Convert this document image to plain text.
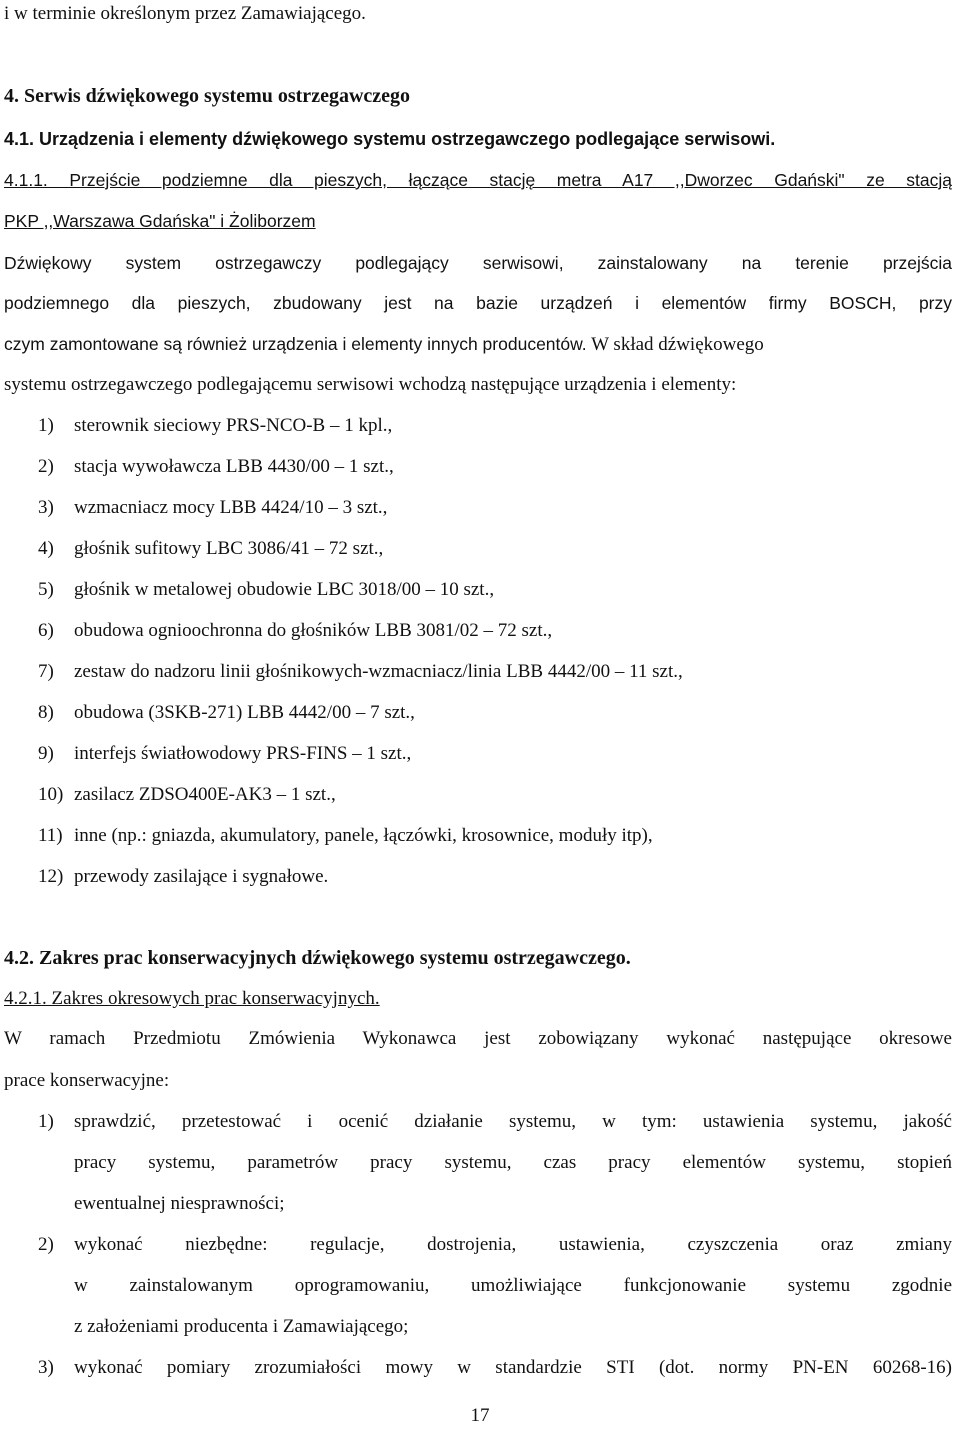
i w terminie określonym przez Zamawiającego.
4. Serwis dźwiękowego systemu ostrzegawczego
4.1. Urządzenia i elementy dźwiękowego systemu ostrzegawczego podlegające serwisowi.
4.1.1. Przejście podziemne dla pieszych, łączące stację metra A17 ,,Dworzec Gdański" ze stacją
PKP ,,Warszawa Gdańska" i Żoliborzem
Dźwiękowy system ostrzegawczy podlegający serwisowi, zainstalowany na terenie przejścia
podziemnego dla pieszych, zbudowany jest na bazie urządzeń i elementów firmy BOSCH, przy
czym zamontowane są również urządzenia i elementy innych producentów. W skład dźwiękowego
systemu ostrzegawczego podlegającemu serwisowi wchodzą następujące urządzenia i elementy:
1) sterownik sieciowy PRS-NCO-B – 1 kpl.,
2) stacja wywoławcza LBB 4430/00 – 1 szt.,
3) wzmacniacz mocy LBB 4424/10 – 3 szt.,
4) głośnik sufitowy LBC 3086/41 – 72 szt.,
5) głośnik w metalowej obudowie LBC 3018/00 – 10 szt.,
6) obudowa ognioochronna do głośników LBB 3081/02 – 72 szt.,
7) zestaw do nadzoru linii głośnikowych-wzmacniacz/linia LBB 4442/00 – 11 szt.,
8) obudowa (3SKB-271) LBB 4442/00 – 7 szt.,
9) interfejs światłowodowy PRS-FINS – 1 szt.,
10) zasilacz ZDSO400E-AK3 – 1 szt.,
11) inne (np.: gniazda, akumulatory, panele, łączówki, krosownice, moduły itp),
12) przewody zasilające i sygnałowe.
4.2. Zakres prac konserwacyjnych dźwiękowego systemu ostrzegawczego.
4.2.1. Zakres okresowych prac konserwacyjnych.
W ramach Przedmiotu Zmówienia Wykonawca jest zobowiązany wykonać następujące okresowe
prace konserwacyjne:
1) sprawdzić, przetestować i ocenić działanie systemu, w tym: ustawienia systemu, jakość
pracy systemu, parametrów pracy systemu, czas pracy elementów systemu, stopień
ewentualnej niesprawności;
2) wykonać niezbędne: regulacje, dostrojenia, ustawienia, czyszczenia oraz zmiany
w zainstalowanym oprogramowaniu, umożliwiające funkcjonowanie systemu zgodnie
z założeniami producenta i Zamawiającego;
3) wykonać pomiary zrozumiałości mowy w standardzie STI (dot. normy PN-EN 60268-16)
17
